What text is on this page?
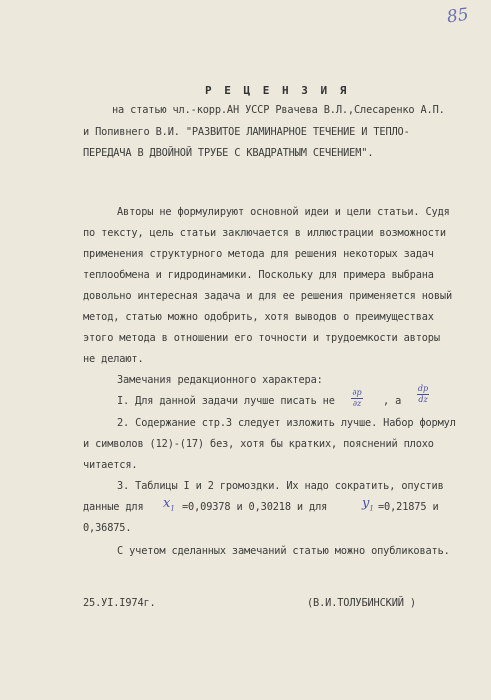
85
Р Е Ц Е Н З И Я
на статью чл.-корр.АН УССР Рвачева В.Л.,Слесаренко А.П.
и Попивнего В.И. "РАЗВИТОЕ ЛАМИНАРНОЕ ТЕЧЕНИЕ И ТЕПЛО-
ПЕРЕДАЧА В ДВОЙНОЙ ТРУБЕ С КВАДРАТНЫМ СЕЧЕНИЕМ".
Авторы не формулируют основной идеи и цели статьи. Судя
по тексту, цель статьи заключается в иллюстрации возможности
применения структурного метода для решения некоторых задач
теплообмена и гидродинамики. Поскольку для примера выбрана
довольно интересная задача и для ее решения применяется новый
метод, статью можно одобрить, хотя выводов о преимуществах
этого метода в отношении его точности и трудоемкости авторы
не делают.
Замечания редакционного характера:
I. Для данной задачи лучше писать не
∂p
∂z , а
dp
dz
2. Содержание стр.3 следует изложить лучше. Набор формул
и символов (12)-(17) без, хотя бы кратких, пояснений плохо
читается.
3. Таблицы I и 2 громоздки. Их надо сократить, опустив
данные для $x_1 =0,09378$ и 0,30218 и для	$y_1 =0,21875$ и
0,36875.
С учетом сделанных замечаний статью можно опубликовать.
25.УI.I974г.	(В.И.ТОЛУБИНСКИЙ )
